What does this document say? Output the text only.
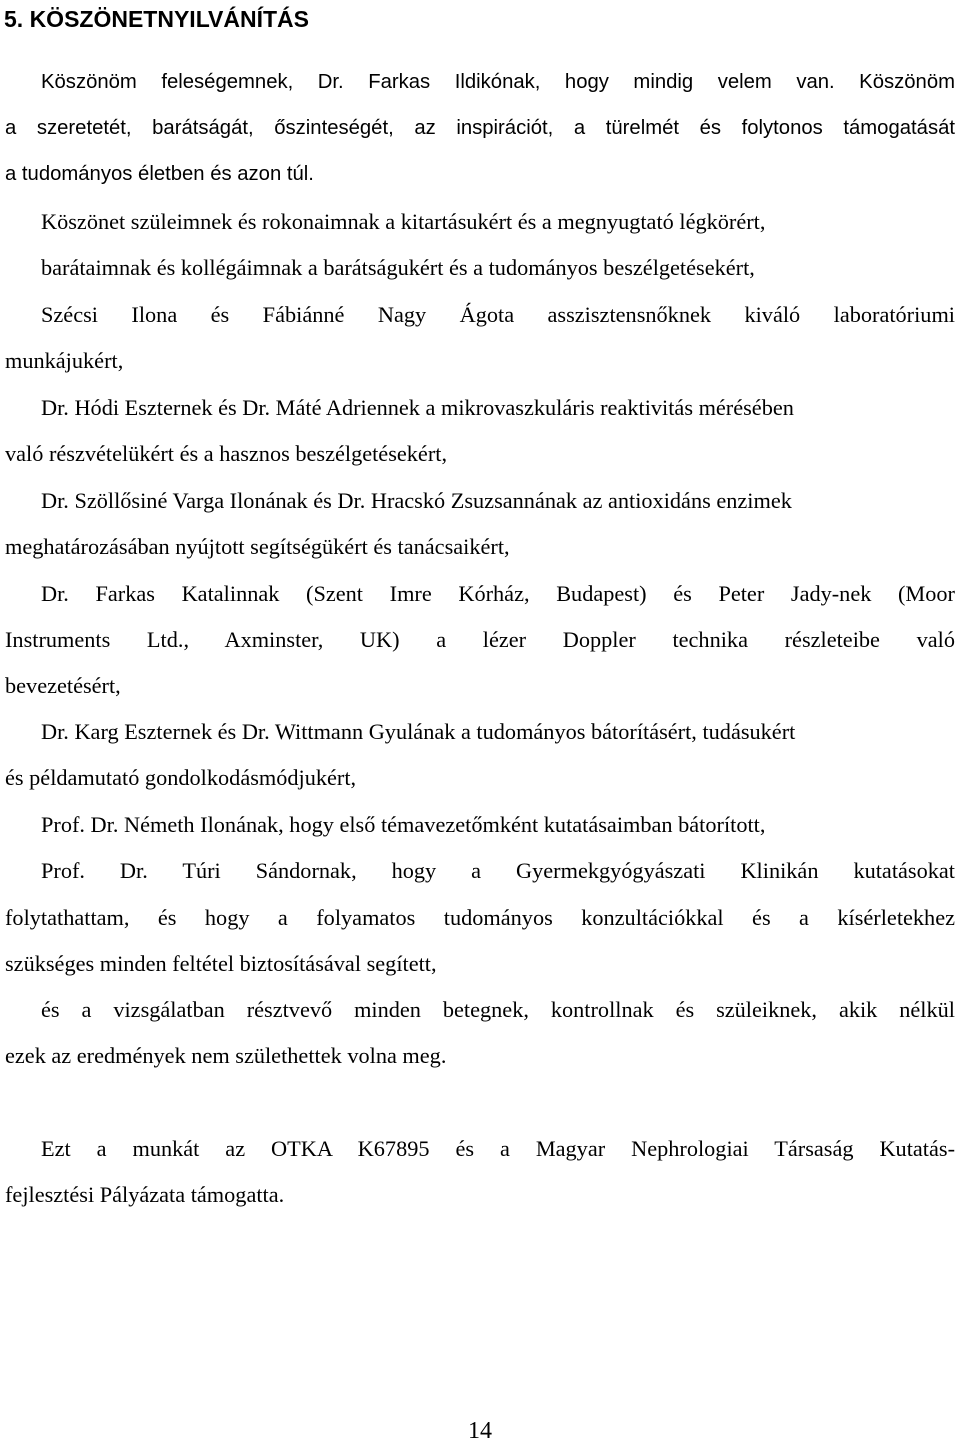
5. KÖSZÖNETNYILVÁNÍTÁS
Köszönöm feleségemnek, Dr. Farkas Ildikónak, hogy mindig velem van. Köszönöm
a szeretetét, barátságát, őszinteségét, az inspirációt, a türelmét és folytonos támogatását
a tudományos életben és azon túl.
Köszönet szüleimnek és rokonaimnak a kitartásukért és a megnyugtató légkörért,
barátaimnak és kollégáimnak a barátságukért és a tudományos beszélgetésekért,
Szécsi Ilona és Fábiánné Nagy Ágota asszisztensnőknek kiváló laboratóriumi
munkájukért,
Dr. Hódi Eszternek és Dr. Máté Adriennek a mikrovaszkuláris reaktivitás mérésében
való részvételükért és a hasznos beszélgetésekért,
Dr. Szöllősiné Varga Ilonának és Dr. Hracskó Zsuzsannának az antioxidáns enzimek
meghatározásában nyújtott segítségükért és tanácsaikért,
Dr. Farkas Katalinnak (Szent Imre Kórház, Budapest) és Peter Jady-nek (Moor
Instruments Ltd., Axminster, UK) a lézer Doppler technika részleteibe való
bevezetésért,
Dr. Karg Eszternek és Dr. Wittmann Gyulának a tudományos bátorításért, tudásukért
és példamutató gondolkodásmódjukért,
Prof. Dr. Németh Ilonának, hogy első témavezetőmként kutatásaimban bátorított,
Prof. Dr. Túri Sándornak, hogy a Gyermekgyógyászati Klinikán kutatásokat
folytathattam, és hogy a folyamatos tudományos konzultációkkal és a kísérletekhez
szükséges minden feltétel biztosításával segített,
és a vizsgálatban résztvevő minden betegnek, kontrollnak és szüleiknek, akik nélkül
ezek az eredmények nem születhettek volna meg.
Ezt a munkát az OTKA K67895 és a Magyar Nephrologiai Társaság Kutatás-
fejlesztési Pályázata támogatta.
14
